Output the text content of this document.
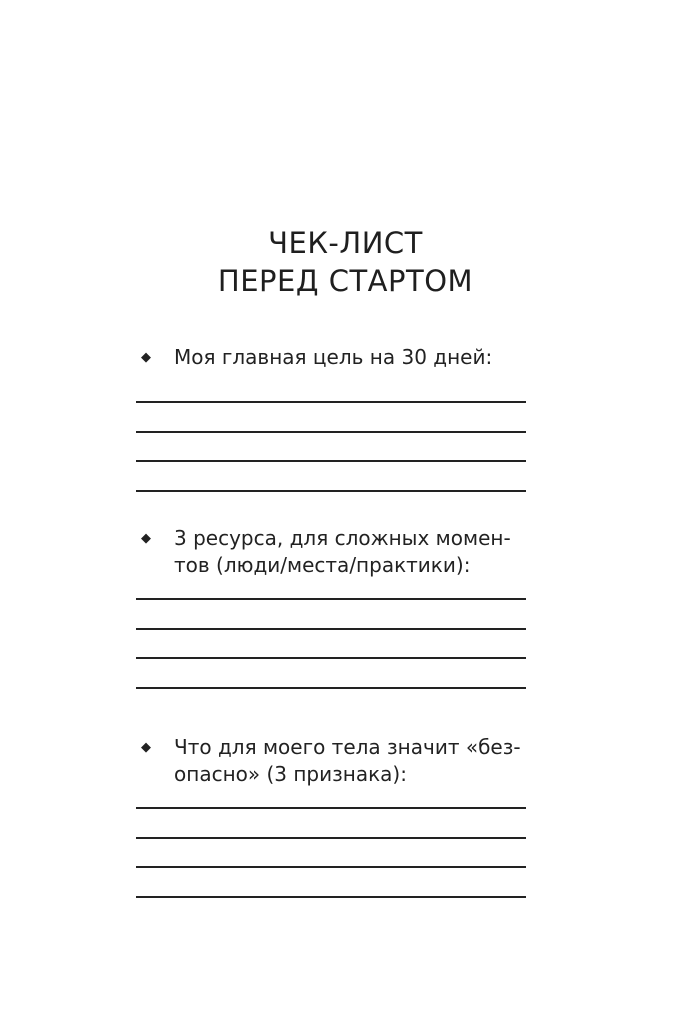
ЧЕК-ЛИСТ
ПЕРЕД СТАРТОМ
◆ Моя главная цель на 30 дней:
◆ 3 ресурса, для сложных момен-
тов (люди/места/практики):
◆ Что для моего тела значит «без-
опасно» (3 признака):
